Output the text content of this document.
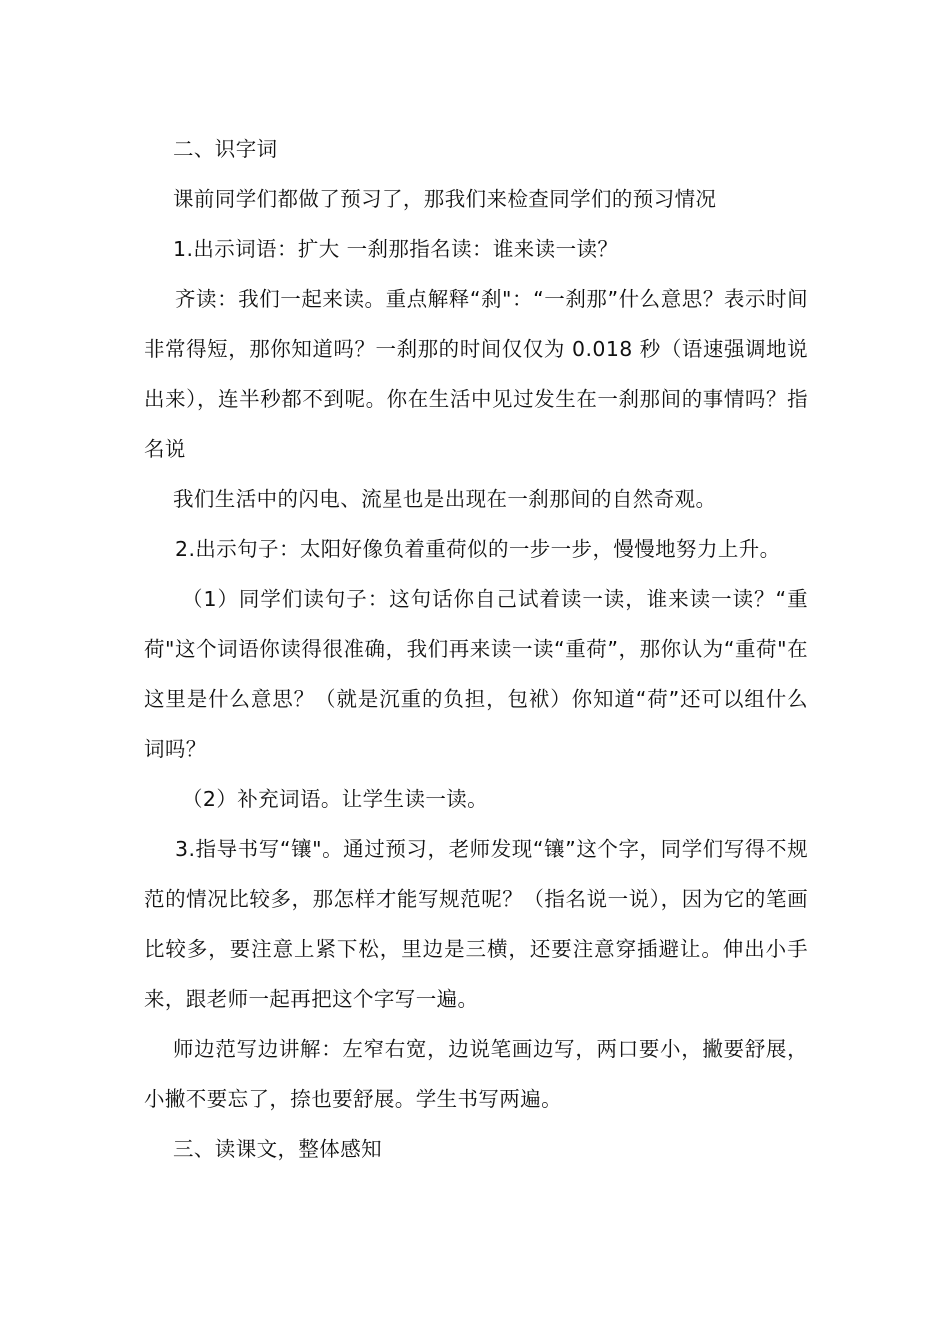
二、识字词

课前同学们都做了预习了，那我们来检查同学们的预习情况

1.出示词语：扩大 一刹那指名读：谁来读一读？

齐读：我们一起来读。重点解释“刹"：“一刹那”什么意思？表示时间非常得短，那你知道吗？一刹那的时间仅仅为 0.018 秒（语速强调地说出来），连半秒都不到呢。你在生活中见过发生在一刹那间的事情吗？指名说

我们生活中的闪电、流星也是出现在一刹那间的自然奇观。

2.出示句子：太阳好像负着重荷似的一步一步，慢慢地努力上升。

（1）同学们读句子：这句话你自己试着读一读，谁来读一读？“重荷"这个词语你读得很准确，我们再来读一读“重荷”，那你认为“重荷"在这里是什么意思？（就是沉重的负担，包袱）你知道“荷”还可以组什么词吗？

（2）补充词语。让学生读一读。

3.指导书写“镶"。通过预习，老师发现“镶”这个字，同学们写得不规范的情况比较多，那怎样才能写规范呢？（指名说一说），因为它的笔画比较多，要注意上紧下松，里边是三横，还要注意穿插避让。伸出小手来，跟老师一起再把这个字写一遍。

师边范写边讲解：左窄右宽，边说笔画边写，两口要小，撇要舒展，小撇不要忘了，捺也要舒展。学生书写两遍。

三、读课文，整体感知
